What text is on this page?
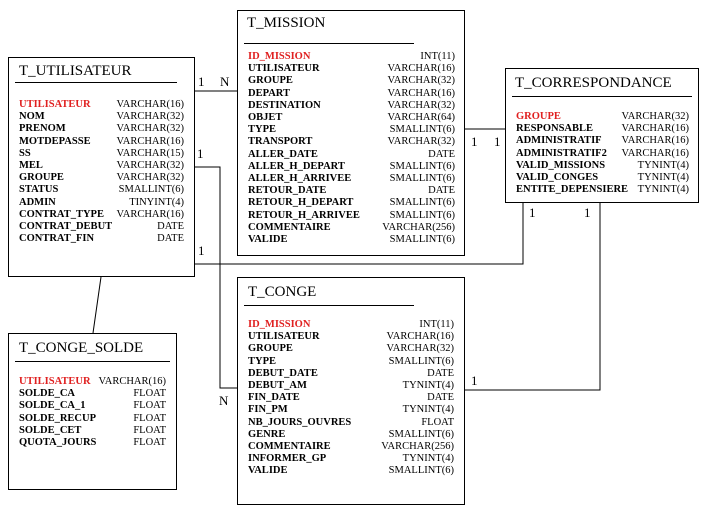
T_MISSION
ID_MISSION	INT(11)
UTILISATEUR	VARCHAR(16)
GROUPE	VARCHAR(32)
DEPART	VARCHAR(16)
DESTINATION	VARCHAR(32)
OBJET	VARCHAR(64)
TYPE	SMALLINT(6)
TRANSPORT	VARCHAR(32)
ALLER_DATE	DATE
ALLER_H_DEPART	SMALLINT(6)
ALLER_H_ARRIVEE	SMALLINT(6)
RETOUR_DATE	DATE
RETOUR_H_DEPART	SMALLINT(6)
RETOUR_H_ARRIVEE	SMALLINT(6)
COMMENTAIRE	VARCHAR(256)
VALIDE	SMALLINT(6)
T_UTILISATEUR
UTILISATEUR VARCHAR(16)
NOM	VARCHAR(32)
PRENOM	VARCHAR(32)
MOTDEPASSE VARCHAR(16)
SS	VARCHAR(15)
MEL	VARCHAR(32)
GROUPE	VARCHAR(32)
STATUS	SMALLINT(6)
ADMIN	TINYINT(4)
CONTRAT_TYPE VARCHAR(16)
CONTRAT_DEBUT	DATE
CONTRAT_FIN	DATE
T_CORRESPONDANCE
GROUPE	VARCHAR(32)
RESPONSABLE	VARCHAR(16)
ADMINISTRATIF VARCHAR(16)
ADMINISTRATIF2 VARCHAR(16)
VALID_MISSIONS	TYNINT(4)
VALID_CONGES	TYNINT(4)
ENTITE_DEPENSIERE TYNINT(4)
T_CONGE
ID_MISSION	INT(11)
UTILISATEUR	VARCHAR(16)
GROUPE	VARCHAR(32)
TYPE	SMALLINT(6)
DEBUT_DATE	DATE
DEBUT_AM	TYNINT(4)
FIN_DATE	DATE
FIN_PM	TYNINT(4)
NB_JOURS_OUVRES	FLOAT
GENRE	SMALLINT(6)
COMMENTAIRE	VARCHAR(256)
INFORMER_GP	TYNINT(4)
VALIDE	SMALLINT(6)
T_CONGE_SOLDE
UTILISATEUR VARCHAR(16)
SOLDE_CA	FLOAT
SOLDE_CA_1	FLOAT
SOLDE_RECUP	FLOAT
SOLDE_CET	FLOAT
QUOTA_JOURS	FLOAT
1 N
1 1
1
N
1
1	1
1
